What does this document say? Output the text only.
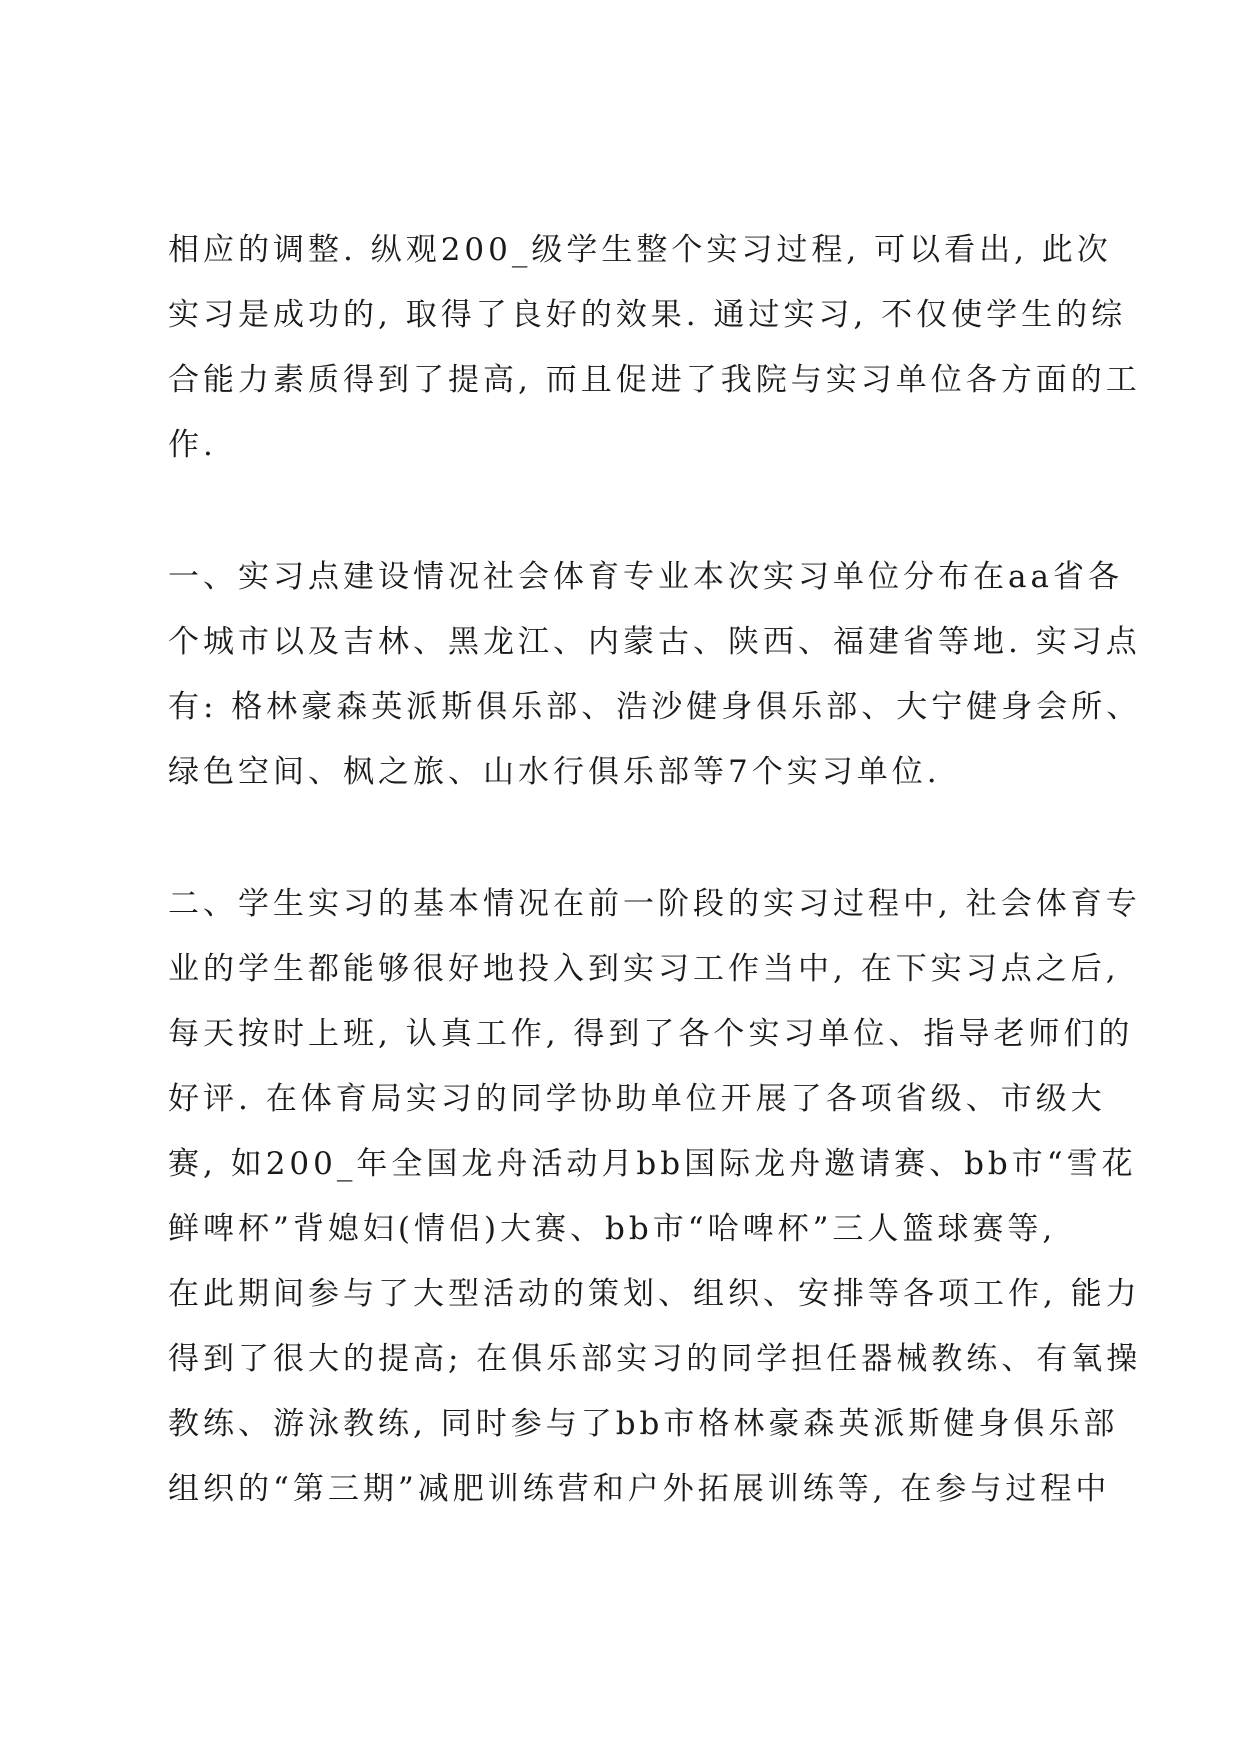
相应的调整. 纵观200_级学生整个实习过程, 可以看出, 此次
实习是成功的, 取得了良好的效果. 通过实习, 不仅使学生的综
合能力素质得到了提高, 而且促进了我院与实习单位各方面的工
作.
一、实习点建设情况社会体育专业本次实习单位分布在aa省各
个城市以及吉林、黑龙江、内蒙古、陕西、福建省等地. 实习点
有: 格林豪森英派斯俱乐部、浩沙健身俱乐部、大宁健身会所、
绿色空间、枫之旅、山水行俱乐部等7个实习单位.
二、学生实习的基本情况在前一阶段的实习过程中, 社会体育专
业的学生都能够很好地投入到实习工作当中, 在下实习点之后,
每天按时上班, 认真工作, 得到了各个实习单位、指导老师们的
好评. 在体育局实习的同学协助单位开展了各项省级、市级大
赛, 如200_年全国龙舟活动月bb国际龙舟邀请赛、bb市“雪花
鲜啤杯”背媳妇(情侣)大赛、bb市“哈啤杯”三人篮球赛等,
在此期间参与了大型活动的策划、组织、安排等各项工作, 能力
得到了很大的提高; 在俱乐部实习的同学担任器械教练、有氧操
教练、游泳教练, 同时参与了bb市格林豪森英派斯健身俱乐部
组织的“第三期”减肥训练营和户外拓展训练等, 在参与过程中
